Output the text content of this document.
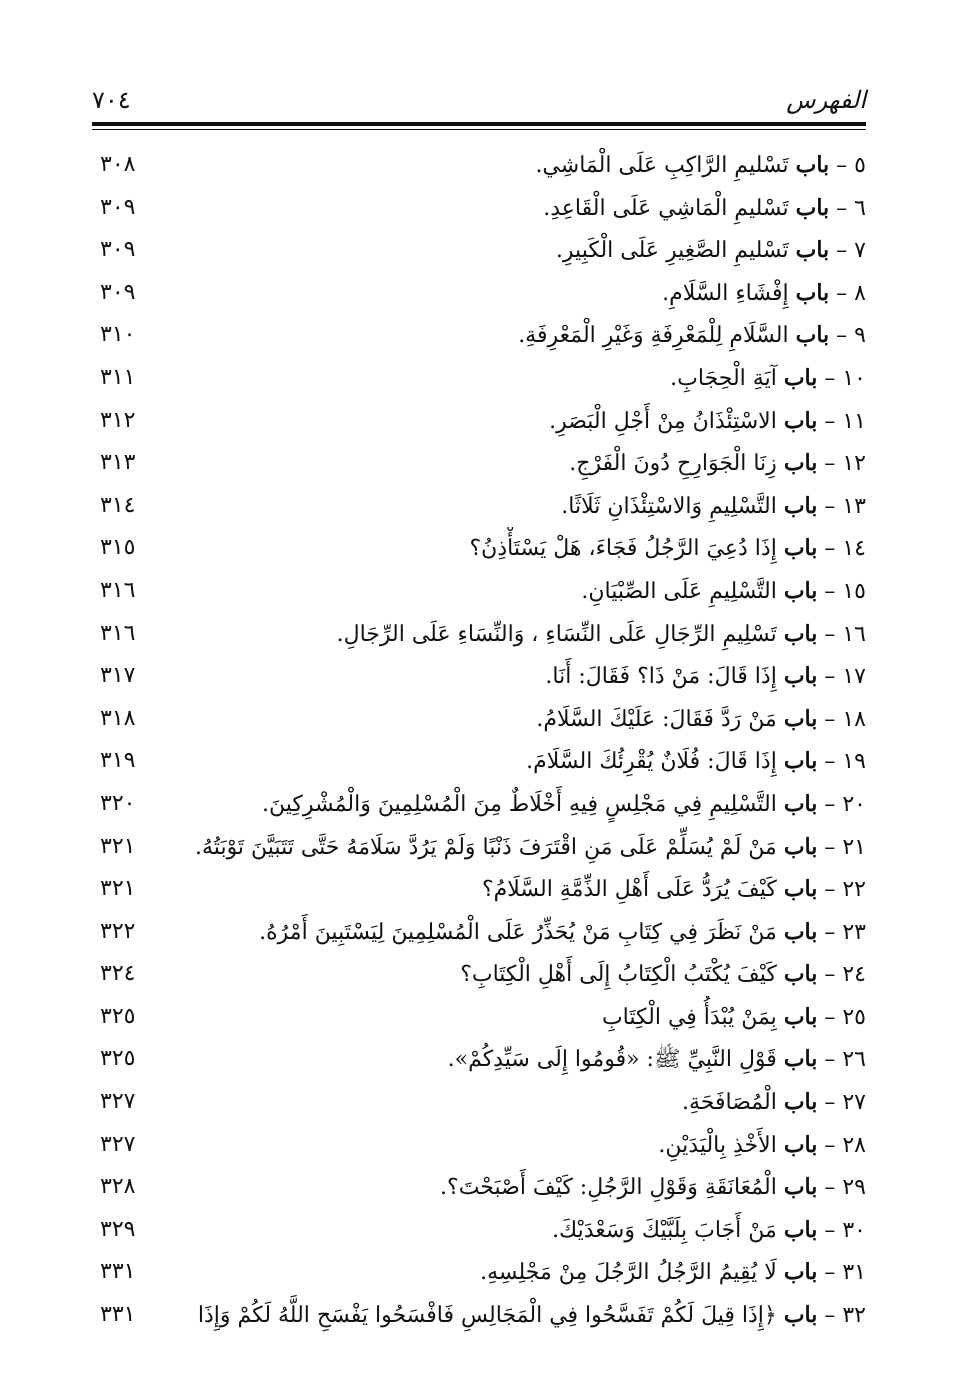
الفهرس
٧٠٤
٥ – باب تَسْليمِ الرَّاكِبِ عَلَى الْمَاشِي.
٣٠٨
٦ – باب تَسْليمِ الْمَاشِي عَلَى الْقَاعِدِ.
٣٠٩
٧ – باب تَسْليمِ الصَّغِيرِ عَلَى الْكَبِيرِ.
٣٠٩
٨ – باب إِفْشَاءِ السَّلَامِ.
٣٠٩
٩ – باب السَّلَامِ لِلْمَعْرِفَةِ وَغَيْرِ الْمَعْرِفَةِ.
٣١٠
١٠ – باب آيَةِ الْحِجَابِ.
٣١١
١١ – باب الاسْتِئْذَانُ مِنْ أَجْلِ الْبَصَرِ.
٣١٢
١٢ – باب زِنَا الْجَوَارِحِ دُونَ الْفَرْجِ.
٣١٣
١٣ – باب التَّسْلِيمِ وَالاسْتِئْذَانِ ثَلَاثًا.
٣١٤
١٤ – باب إِذَا دُعِيَ الرَّجُلُ فَجَاءَ، هَلْ يَسْتَأْذِنُ؟
٣١٥
١٥ – باب التَّسْلِيمِ عَلَى الصِّبْيَانِ.
٣١٦
١٦ – باب تَسْلِيمِ الرِّجَالِ عَلَى النِّسَاءِ ، وَالنِّسَاءِ عَلَى الرِّجَالِ.
٣١٦
١٧ – باب إِذَا قَالَ: مَنْ ذَا؟ فَقَالَ: أَنَا.
٣١٧
١٨ – باب مَنْ رَدَّ فَقَالَ: عَلَيْكَ السَّلَامُ.
٣١٨
١٩ – باب إِذَا قَالَ: فُلَانٌ يُقْرِئُكَ السَّلَامَ.
٣١٩
٢٠ – باب التَّسْلِيمِ فِي مَجْلِسٍ فِيهِ أَخْلَاطٌ مِنَ الْمُسْلِمِينَ وَالْمُشْرِكِينَ.
٣٢٠
٢١ – باب مَنْ لَمْ يُسَلِّمْ عَلَى مَنِ اقْتَرَفَ ذَنْبًا وَلَمْ يَرُدَّ سَلَامَهُ حَتَّى تَتَبَيَّنَ تَوْبَتُهُ.
٣٢١
٢٢ – باب كَيْفَ يُرَدُّ عَلَى أَهْلِ الذِّمَّةِ السَّلَامُ؟
٣٢١
٢٣ – باب مَنْ نَظَرَ فِي كِتَابِ مَنْ يُحَذِّرُ عَلَى الْمُسْلِمِينَ لِيَسْتَبِينَ أَمْرُهُ.
٣٢٢
٢٤ – باب كَيْفَ يُكْتَبُ الْكِتَابُ إِلَى أَهْلِ الْكِتَابِ؟
٣٢٤
٢٥ – باب بِمَنْ يُبْدَأُ فِي الْكِتَابِ
٣٢٥
٢٦ – باب قَوْلِ النَّبِيِّ ﷺ: «قُومُوا إِلَى سَيِّدِكُمْ».
٣٢٥
٢٧ – باب الْمُصَافَحَةِ.
٣٢٧
٢٨ – باب الأَخْذِ بِالْيَدَيْنِ.
٣٢٧
٢٩ – باب الْمُعَانَقَةِ وَقَوْلِ الرَّجُلِ: كَيْفَ أَصْبَحْتَ؟.
٣٢٨
٣٠ – باب مَنْ أَجَابَ بِلَبَّيْكَ وَسَعْدَيْكَ.
٣٢٩
٣١ – باب لَا يُقِيمُ الرَّجُلُ الرَّجُلَ مِنْ مَجْلِسِهِ.
٣٣١
٣٢ – باب ﴿إِذَا قِيلَ لَكُمْ تَفَسَّحُوا فِي الْمَجَالِسِ فَافْسَحُوا يَفْسَحِ اللَّهُ لَكُمْ وَإِذَا
٣٣١
